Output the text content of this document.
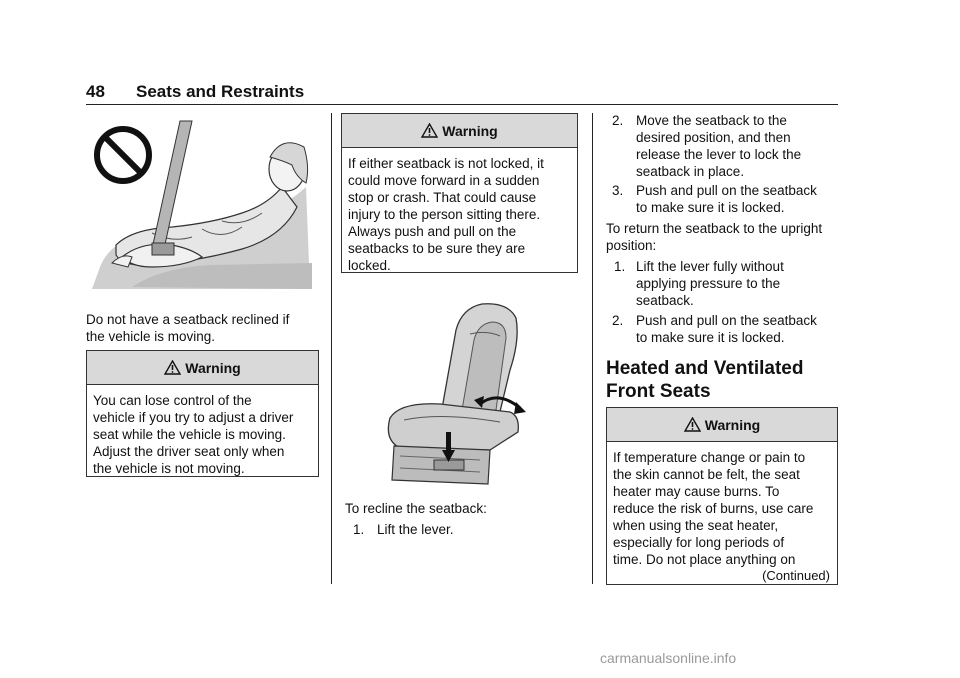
48 Seats and Restraints

Do not have a seatback reclined if

the vehicle is moving.

Warning
You can lose control of the
vehicle if you try to adjust a driver
seat while the vehicle is moving.
Adjust the driver seat only when
the vehicle is not moving.
Warning
If either seatback is not locked, it
could move forward in a sudden
stop or crash. That could cause
injury to the person sitting there.
Always push and pull on the
seatbacks to be sure they are
locked.

To recline the seatback:

1. Lift the lever.
2. Move the seatback to the
desired position, and then
release the lever to lock the
seatback in place.
3. Push and pull on the seatback
to make sure it is locked.

To return the seatback to the upright

position:

1. Lift the lever fully without
applying pressure to the
seatback.
2. Push and pull on the seatback
to make sure it is locked.
Heated and Ventilated
Front Seats
Warning
If temperature change or pain to
the skin cannot be felt, the seat
heater may cause burns. To
reduce the risk of burns, use care
when using the seat heater,
especially for long periods of
time. Do not place anything on
(Continued)
carmanualsonline.info
